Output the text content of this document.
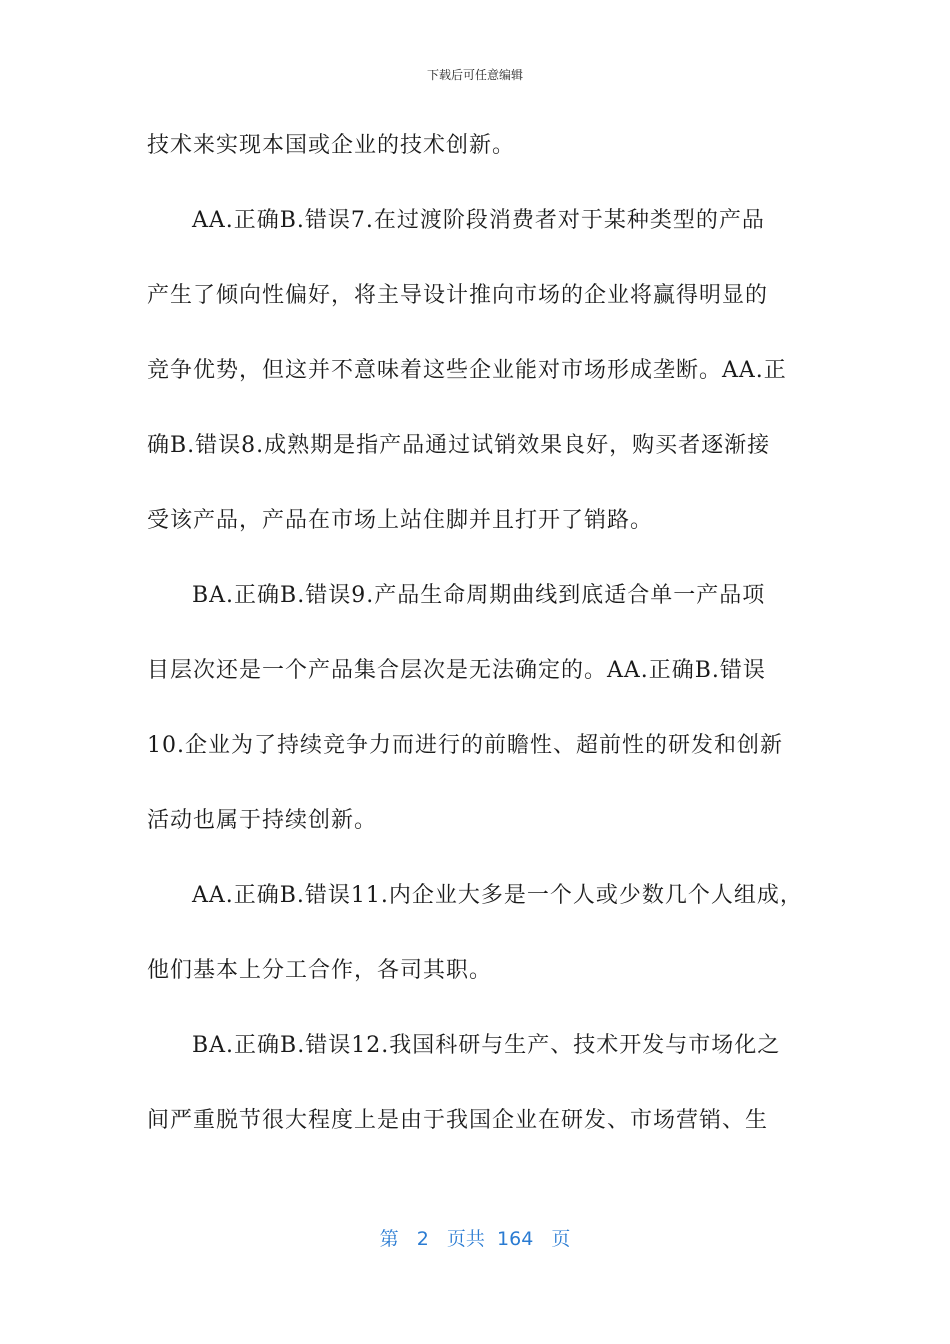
下载后可任意编辑
技术来实现本国或企业的技术创新。
AA.正确B.错误7.在过渡阶段消费者对于某种类型的产品
产生了倾向性偏好，将主导设计推向市场的企业将赢得明显的
竞争优势，但这并不意味着这些企业能对市场形成垄断。AA.正
确B.错误8.成熟期是指产品通过试销效果良好，购买者逐渐接
受该产品，产品在市场上站住脚并且打开了销路。
BA.正确B.错误9.产品生命周期曲线到底适合单一产品项
目层次还是一个产品集合层次是无法确定的。AA.正确B.错误
10.企业为了持续竞争力而进行的前瞻性、超前性的研发和创新
活动也属于持续创新。
AA.正确B.错误11.内企业大多是一个人或少数几个人组成，
他们基本上分工合作，各司其职。
BA.正确B.错误12.我国科研与生产、技术开发与市场化之
间严重脱节很大程度上是由于我国企业在研发、市场营销、生
第 2 页共 164 页
